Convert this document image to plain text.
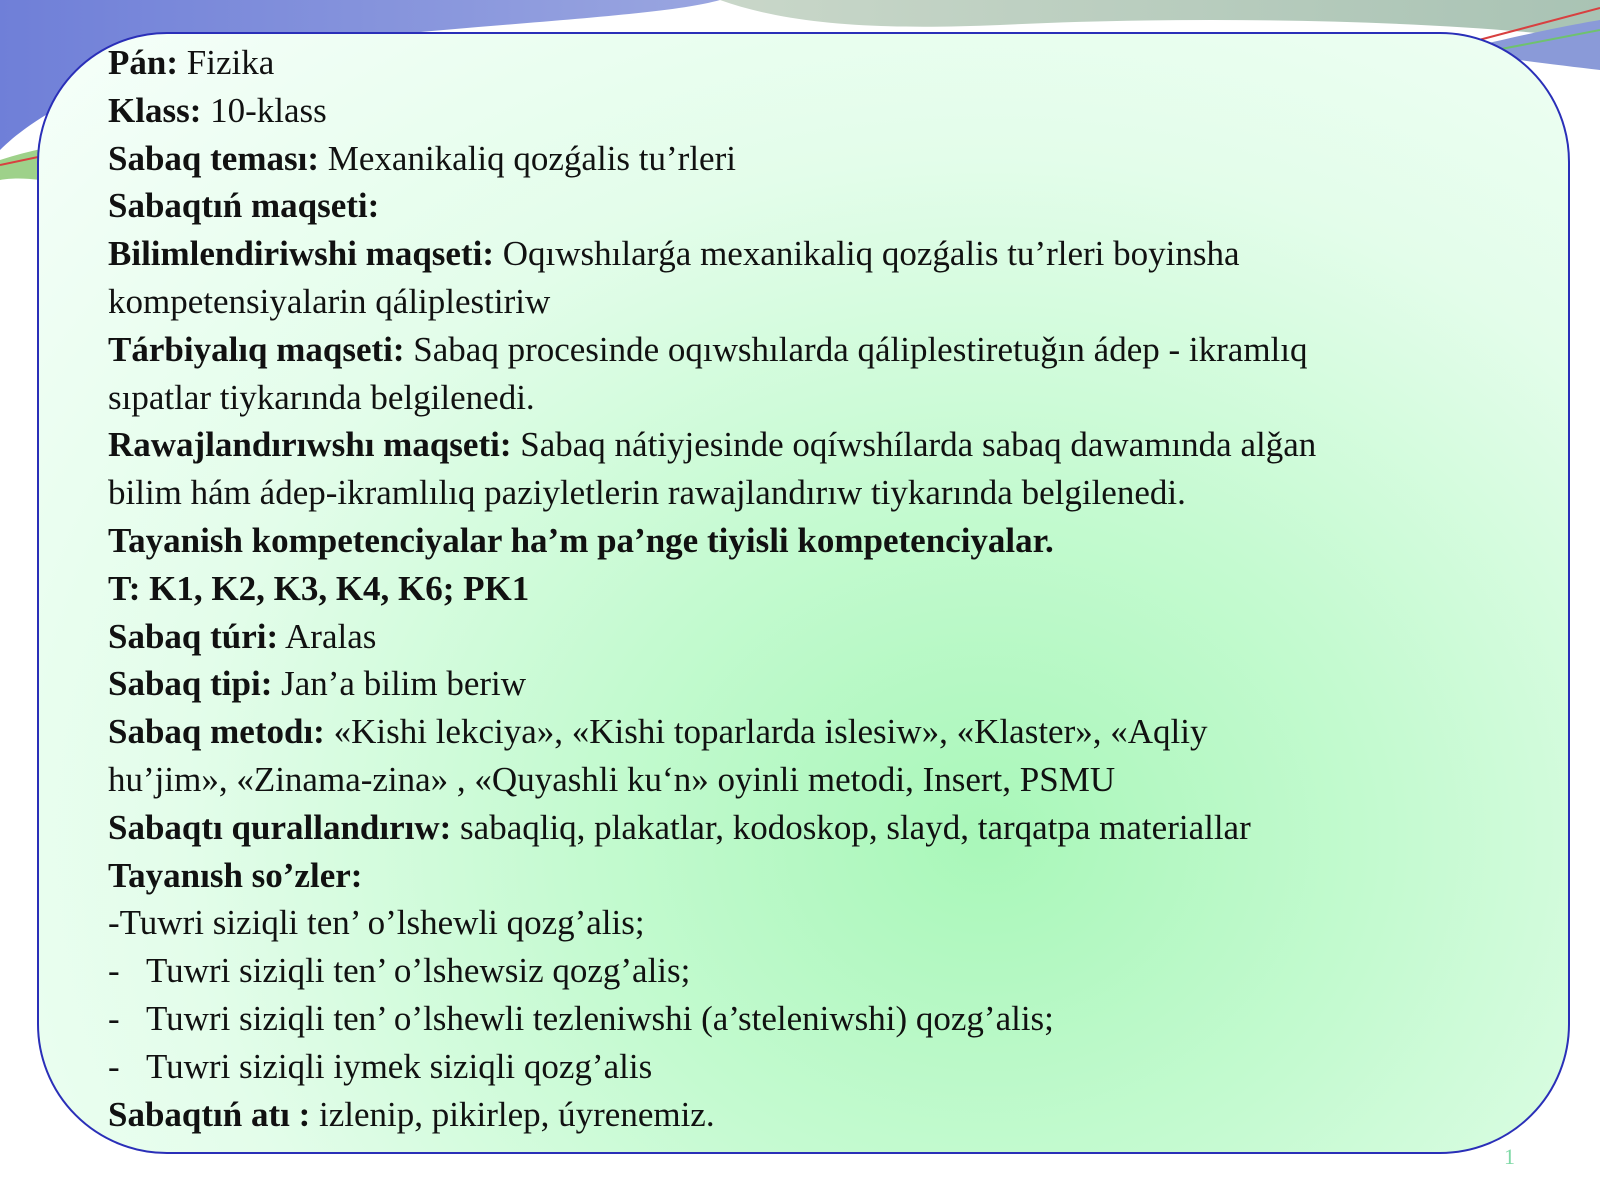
Pán: Fizika
Klass: 10-klass
Sabaq teması: Mexanikaliq qozǵalis tu’rleri
Sabaqtıń maqseti:
Bilimlendiriwshi maqseti: Oqıwshılarǵa mexanikaliq qozǵalis tu’rleri boyinsha
kompetensiyalarin qáliplestiriw
Tárbiyalıq maqseti: Sabaq procesinde oqıwshılarda qáliplestiretuǧın ádep - ikramlıq
sıpatlar tiykarında belgilenedi.
Rawajlandırıwshı maqseti: Sabaq nátiyjesinde oqíwshílarda sabaq dawamında alǧan
bilim hám ádep-ikramlılıq paziyletlerin rawajlandırıw tiykarında belgilenedi.
Tayanish kompetenciyalar ha’m pa’nge tiyisli kompetenciyalar.
T: K1, K2, K3, K4, K6; PK1
Sabaq túri: Aralas
Sabaq tipi: Jan’a bilim beriw
Sabaq metodı: «Kishi lekciya», «Kishi toparlarda islesiw», «Klaster», «Aqliy
hu’jim», «Zinama-zina» , «Quyashli ku‘n» oyinli metodi, Insert, PSMU
Sabaqtı qurallandırıw: sabaqliq, plakatlar, kodoskop, slayd, tarqatpa materiallar
Tayanısh so’zler:
-Tuwri siziqli ten’ o’lshewli qozg’alis;
- Tuwri siziqli ten’ o’lshewsiz qozg’alis;
- Tuwri siziqli ten’ o’lshewli tezleniwshi (a’steleniwshi) qozg’alis;
- Tuwri siziqli iymek siziqli qozg’alis
Sabaqtıń atı : izlenip, pikirlep, úyrenemiz.
1
